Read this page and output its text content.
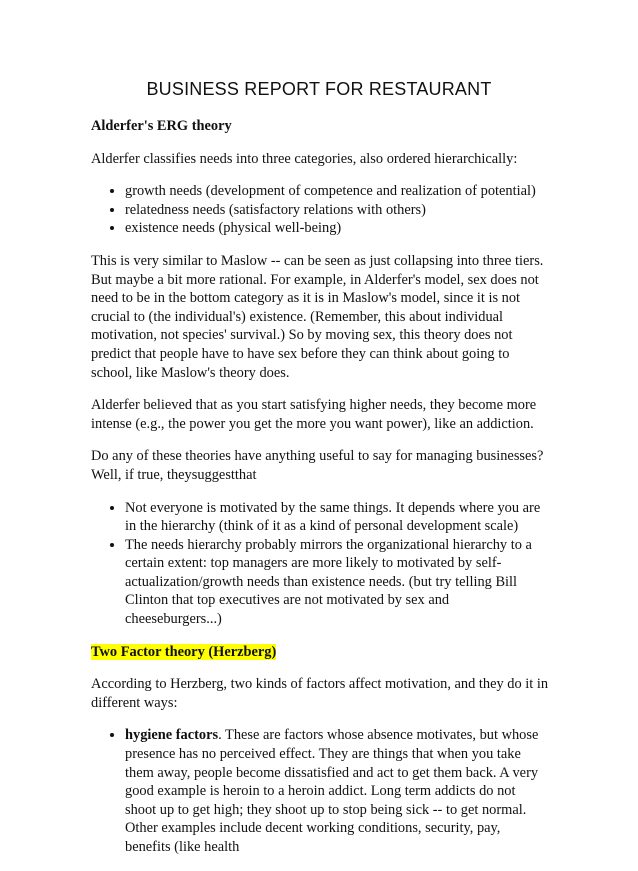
BUSINESS REPORT FOR RESTAURANT
Alderfer's ERG theory
Alderfer classifies needs into three categories, also ordered hierarchically:
• growth needs (development of competence and realization of potential)
• relatedness needs (satisfactory relations with others)
• existence needs (physical well-being)
This is very similar to Maslow -- can be seen as just collapsing into three tiers. But maybe a bit more rational. For example, in Alderfer's model, sex does not need to be in the bottom category as it is in Maslow's model, since it is not crucial to (the individual's) existence. (Remember, this about individual motivation, not species' survival.) So by moving sex, this theory does not predict that people have to have sex before they can think about going to school, like Maslow's theory does.
Alderfer believed that as you start satisfying higher needs, they become more intense (e.g., the power you get the more you want power), like an addiction.
Do any of these theories have anything useful to say for managing businesses? Well, if true, theysuggestthat
• Not everyone is motivated by the same things. It depends where you are in the hierarchy (think of it as a kind of personal development scale)
• The needs hierarchy probably mirrors the organizational hierarchy to a certain extent: top managers are more likely to motivated by self-actualization/growth needs than existence needs. (but try telling Bill Clinton that top executives are not motivated by sex and cheeseburgers...)
Two Factor theory (Herzberg)
According to Herzberg, two kinds of factors affect motivation, and they do it in different ways:
• hygiene factors. These are factors whose absence motivates, but whose presence has no perceived effect. They are things that when you take them away, people become dissatisfied and act to get them back. A very good example is heroin to a heroin addict. Long term addicts do not shoot up to get high; they shoot up to stop being sick -- to get normal. Other examples include decent working conditions, security, pay, benefits (like health
